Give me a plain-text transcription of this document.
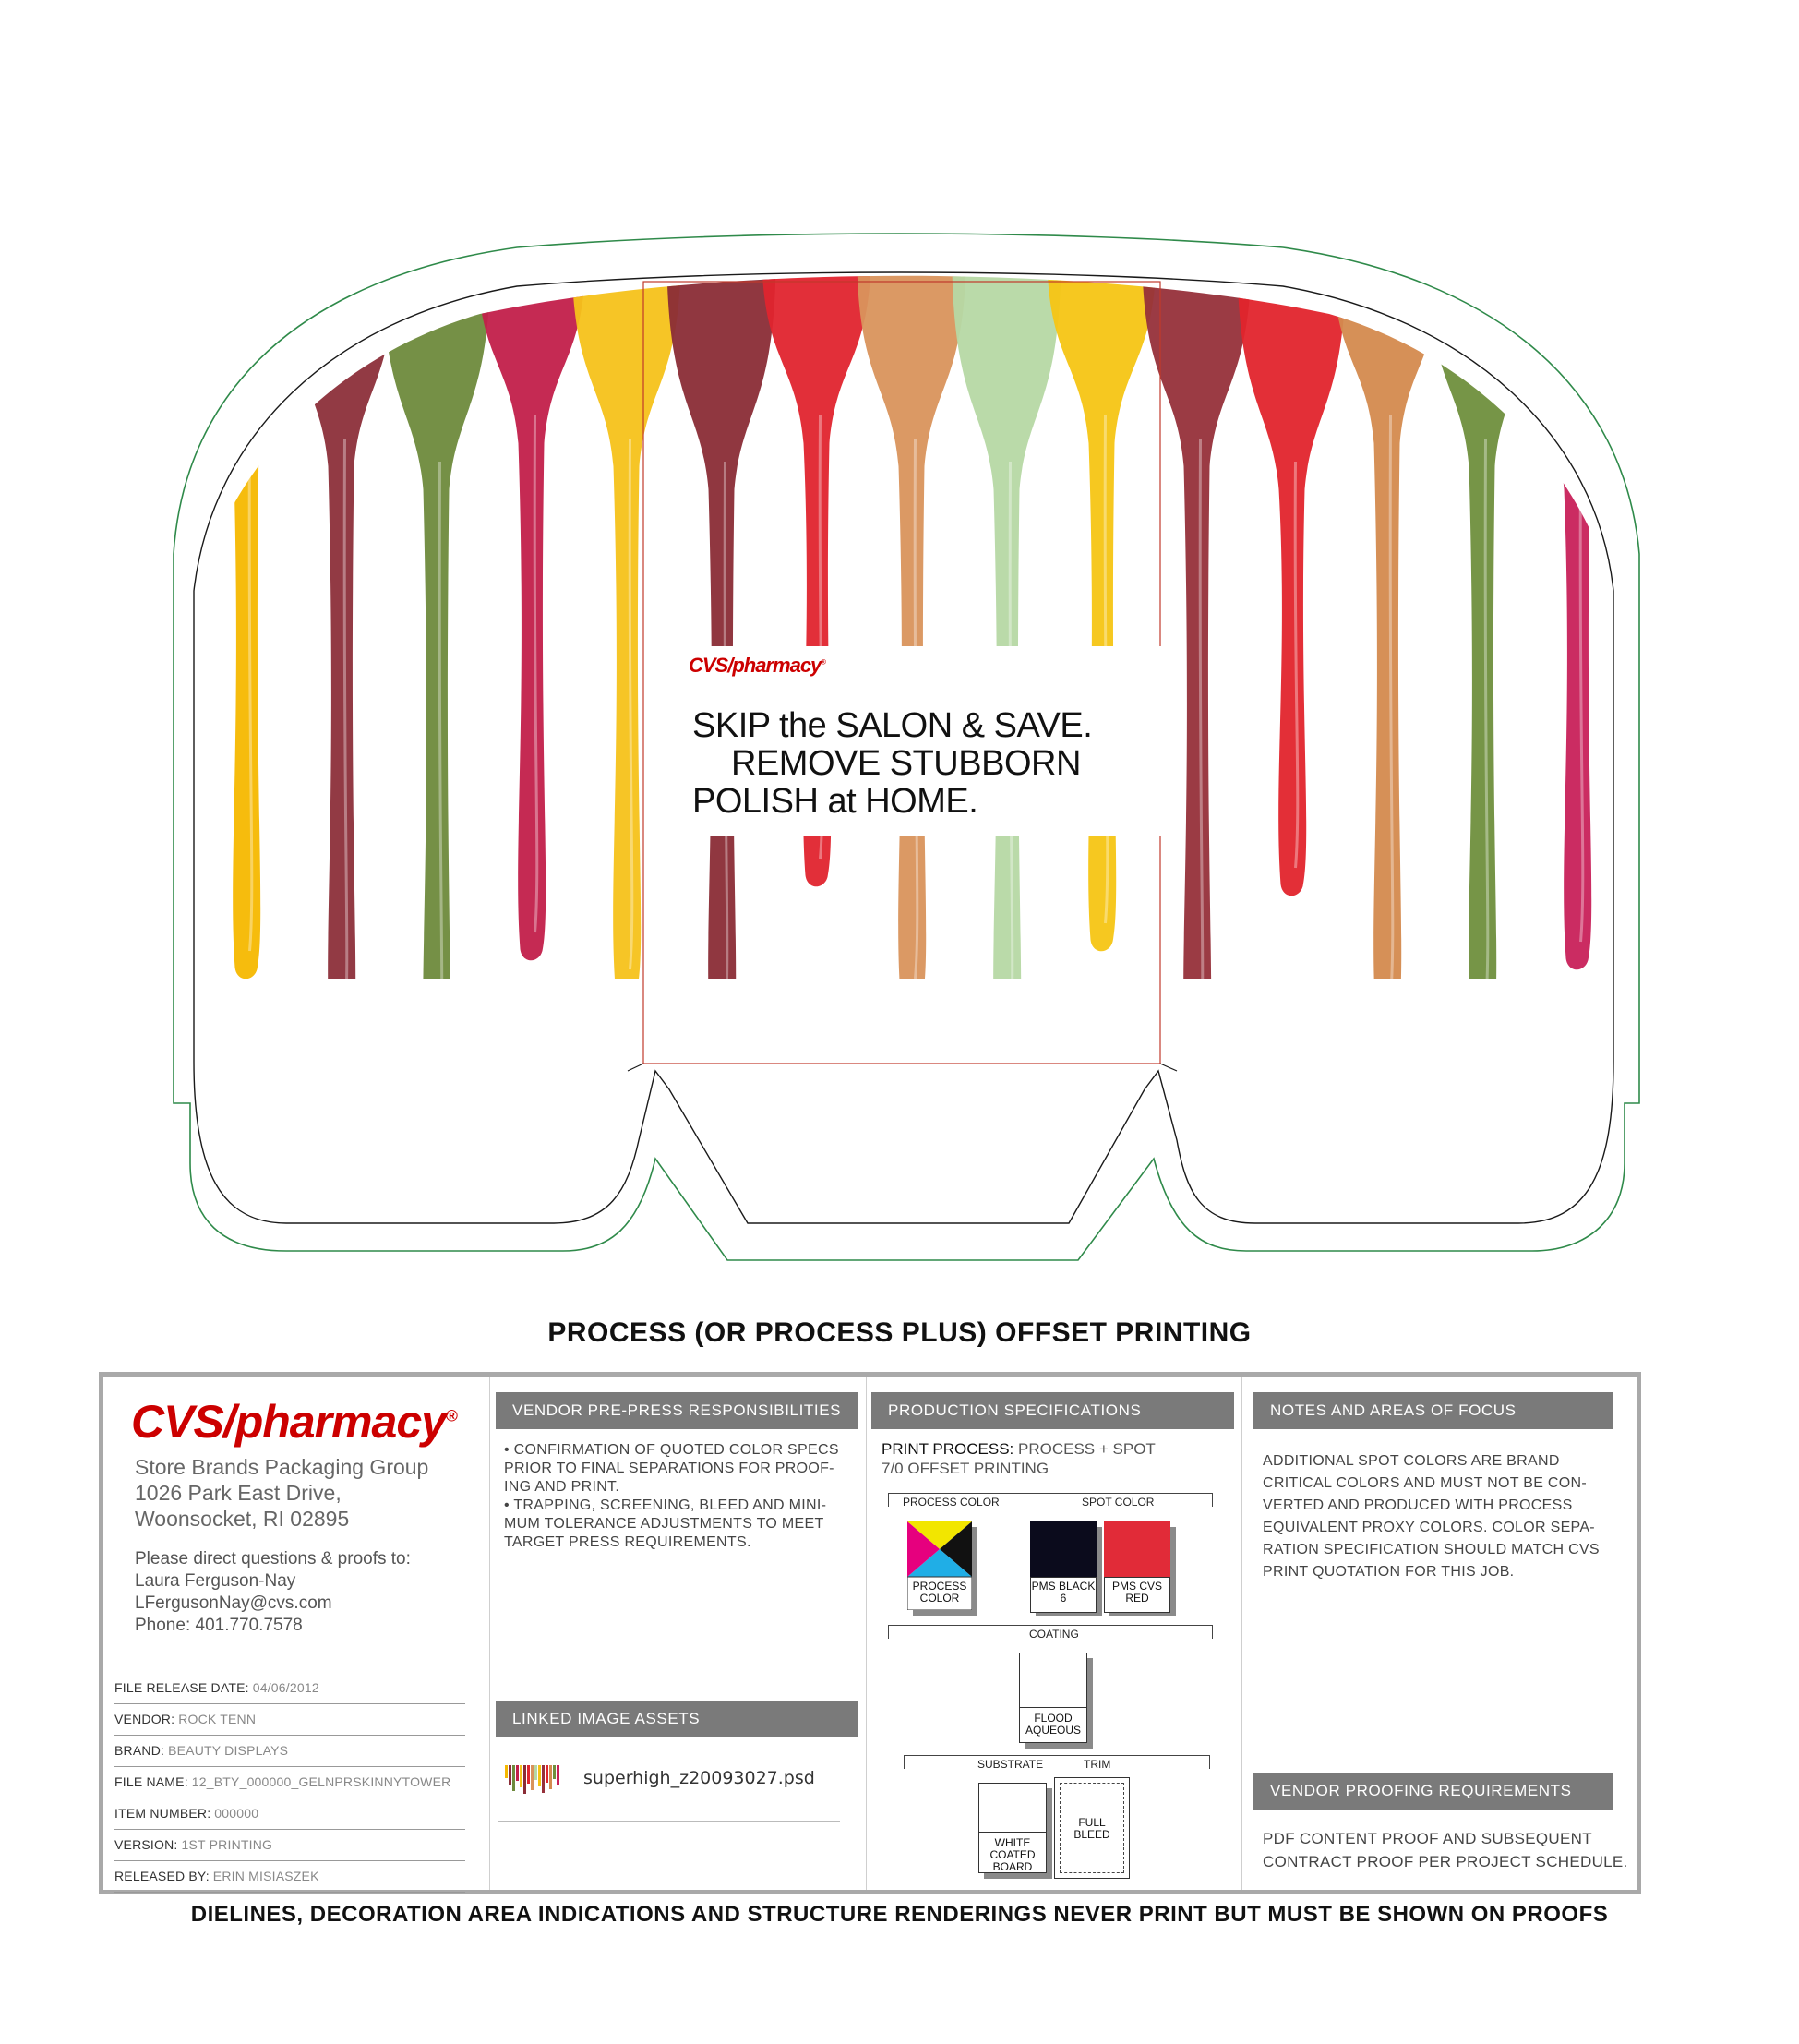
CVS/pharmacy®
SKIP the SALON & SAVE.
REMOVE STUBBORN
POLISH at HOME.
PROCESS (OR PROCESS PLUS) OFFSET PRINTING
DIELINES, DECORATION AREA INDICATIONS AND STRUCTURE RENDERINGS NEVER PRINT BUT MUST BE SHOWN ON PROOFS
CVS/pharmacy®
Store Brands Packaging Group
1026 Park East Drive,
Woonsocket, RI 02895
Please direct questions & proofs to:
Laura Ferguson-Nay
LFergusonNay@cvs.com
Phone: 401.770.7578
FILE RELEASE DATE: 04/06/2012
VENDOR: ROCK TENN
BRAND: BEAUTY DISPLAYS
FILE NAME: 12_BTY_000000_GELNPRSKINNYTOWER
ITEM NUMBER: 000000
VERSION: 1ST PRINTING
RELEASED BY: ERIN MISIASZEK
VENDOR PRE-PRESS RESPONSIBILITIES
• CONFIRMATION OF QUOTED COLOR SPECS
PRIOR TO FINAL SEPARATIONS FOR PROOF-
ING AND PRINT.
• TRAPPING, SCREENING, BLEED AND MINI-
MUM TOLERANCE ADJUSTMENTS TO MEET
TARGET PRESS REQUIREMENTS.
LINKED IMAGE ASSETS
superhigh_z20093027.psd
PRODUCTION SPECIFICATIONS
PRINT PROCESS: PROCESS + SPOT
7/0 OFFSET PRINTING
PROCESS COLOR	SPOT COLOR
PROCESS
COLOR
PMS BLACK
6
PMS CVS
RED
COATING
FLOOD
AQUEOUS
SUBSTRATE	TRIM
WHITE
COATED
BOARD
FULL
BLEED
NOTES AND AREAS OF FOCUS
ADDITIONAL SPOT COLORS ARE BRAND
CRITICAL COLORS AND MUST NOT BE CON-
VERTED AND PRODUCED WITH PROCESS
EQUIVALENT PROXY COLORS. COLOR SEPA-
RATION SPECIFICATION SHOULD MATCH CVS
PRINT QUOTATION FOR THIS JOB.
VENDOR PROOFING REQUIREMENTS
PDF CONTENT PROOF AND SUBSEQUENT
CONTRACT PROOF PER PROJECT SCHEDULE.
